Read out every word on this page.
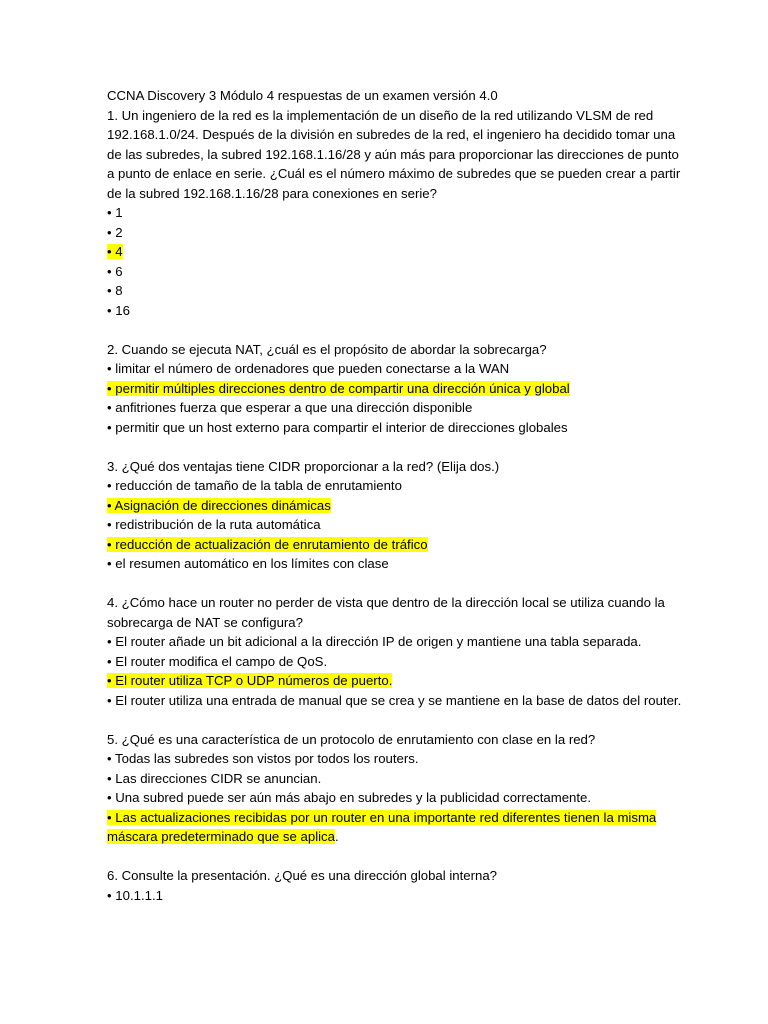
CCNA Discovery 3 Módulo 4 respuestas de un examen versión 4.0
1. Un ingeniero de la red es la implementación de un diseño de la red utilizando VLSM de red
192.168.1.0/24. Después de la división en subredes de la red, el ingeniero ha decidido tomar una
de las subredes, la subred 192.168.1.16/28 y aún más para proporcionar las direcciones de punto
a punto de enlace en serie. ¿Cuál es el número máximo de subredes que se pueden crear a partir
de la subred 192.168.1.16/28 para conexiones en serie?
• 1
• 2
• 4
• 6
• 8
• 16
2. Cuando se ejecuta NAT, ¿cuál es el propósito de abordar la sobrecarga?
• limitar el número de ordenadores que pueden conectarse a la WAN
• permitir múltiples direcciones dentro de compartir una dirección única y global
• anfitriones fuerza que esperar a que una dirección disponible
• permitir que un host externo para compartir el interior de direcciones globales
3. ¿Qué dos ventajas tiene CIDR proporcionar a la red? (Elija dos.)
• reducción de tamaño de la tabla de enrutamiento
• Asignación de direcciones dinámicas
• redistribución de la ruta automática
• reducción de actualización de enrutamiento de tráfico
• el resumen automático en los límites con clase
4. ¿Cómo hace un router no perder de vista que dentro de la dirección local se utiliza cuando la
sobrecarga de NAT se configura?
• El router añade un bit adicional a la dirección IP de origen y mantiene una tabla separada.
• El router modifica el campo de QoS.
• El router utiliza TCP o UDP números de puerto.
• El router utiliza una entrada de manual que se crea y se mantiene en la base de datos del router.
5. ¿Qué es una característica de un protocolo de enrutamiento con clase en la red?
• Todas las subredes son vistos por todos los routers.
• Las direcciones CIDR se anuncian.
• Una subred puede ser aún más abajo en subredes y la publicidad correctamente.
• Las actualizaciones recibidas por un router en una importante red diferentes tienen la misma
máscara predeterminado que se aplica.
6. Consulte la presentación. ¿Qué es una dirección global interna?
• 10.1.1.1
